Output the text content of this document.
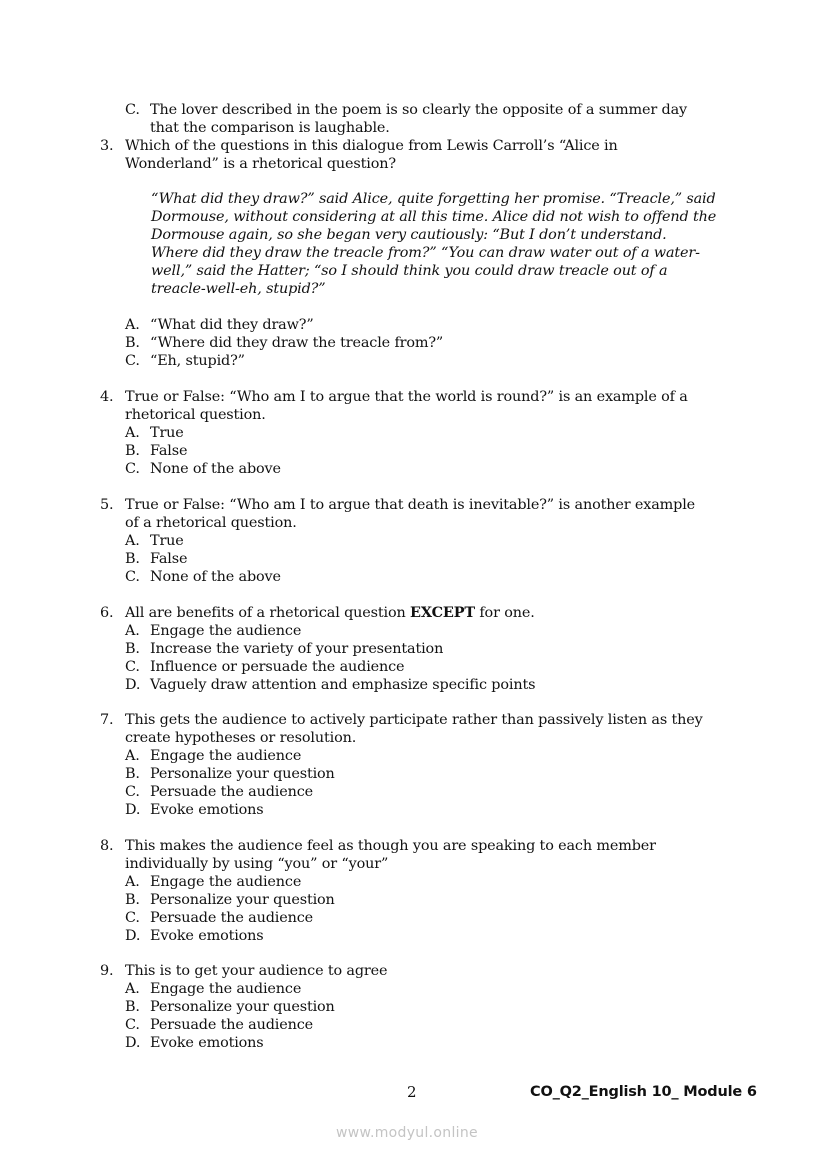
C. The lover described in the poem is so clearly the opposite of a summer day
that the comparison is laughable.
3. Which of the questions in this dialogue from Lewis Carroll’s “Alice in
Wonderland” is a rhetorical question?
“What did they draw?” said Alice, quite forgetting her promise. “Treacle,” said
Dormouse, without considering at all this time. Alice did not wish to offend the
Dormouse again, so she began very cautiously: “But I don’t understand.
Where did they draw the treacle from?” “You can draw water out of a water-
well,” said the Hatter; “so I should think you could draw treacle out of a
treacle-well-eh, stupid?”
A. “What did they draw?”
B. “Where did they draw the treacle from?”
C. “Eh, stupid?”
4. True or False: “Who am I to argue that the world is round?” is an example of a
rhetorical question.
A. True
B. False
C. None of the above
5. True or False: “Who am I to argue that death is inevitable?” is another example
of a rhetorical question.
A. True
B. False
C. None of the above
6. All are benefits of a rhetorical question EXCEPT for one.
A. Engage the audience
B. Increase the variety of your presentation
C. Influence or persuade the audience
D. Vaguely draw attention and emphasize specific points
7. This gets the audience to actively participate rather than passively listen as they
create hypotheses or resolution.
A. Engage the audience
B. Personalize your question
C. Persuade the audience
D. Evoke emotions
8. This makes the audience feel as though you are speaking to each member
individually by using “you” or “your”
A. Engage the audience
B. Personalize your question
C. Persuade the audience
D. Evoke emotions
9. This is to get your audience to agree
A. Engage the audience
B. Personalize your question
C. Persuade the audience
D. Evoke emotions
2	CO_Q2_English 10_ Module 6
www.modyul.online
